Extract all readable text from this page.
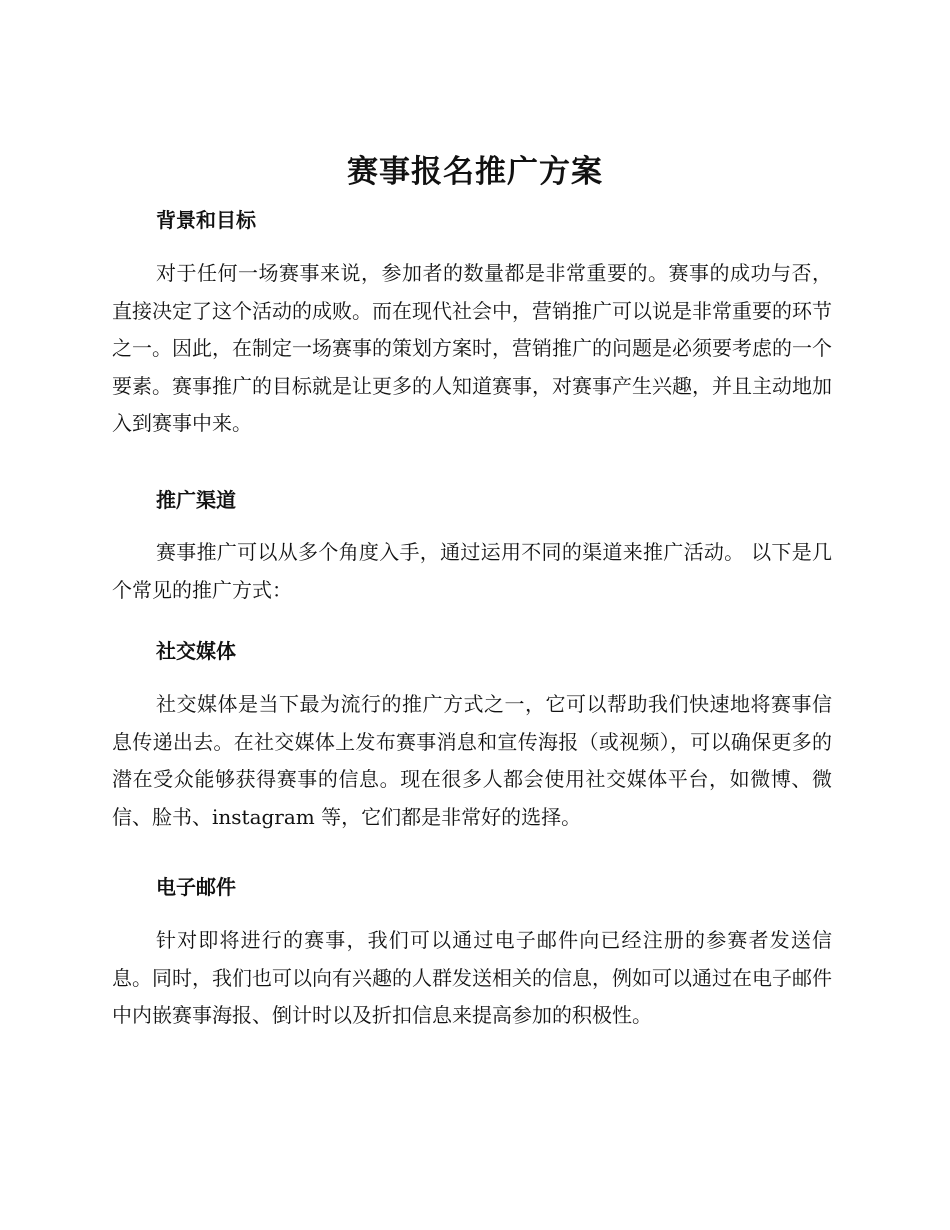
赛事报名推广方案
背景和目标

对于任何一场赛事来说，参加者的数量都是非常重要的。赛事的成功与否，直接决定了这个活动的成败。而在现代社会中，营销推广可以说是非常重要的环节之一。因此，在制定一场赛事的策划方案时，营销推广的问题是必须要考虑的一个要素。赛事推广的目标就是让更多的人知道赛事，对赛事产生兴趣，并且主动地加入到赛事中来。

推广渠道

赛事推广可以从多个角度入手，通过运用不同的渠道来推广活动。 以下是几个常见的推广方式：

社交媒体

社交媒体是当下最为流行的推广方式之一，它可以帮助我们快速地将赛事信息传递出去。在社交媒体上发布赛事消息和宣传海报（或视频），可以确保更多的潜在受众能够获得赛事的信息。现在很多人都会使用社交媒体平台，如微博、微信、脸书、instagram 等，它们都是非常好的选择。

电子邮件

针对即将进行的赛事，我们可以通过电子邮件向已经注册的参赛者发送信息。同时，我们也可以向有兴趣的人群发送相关的信息，例如可以通过在电子邮件中内嵌赛事海报、倒计时以及折扣信息来提高参加的积极性。
